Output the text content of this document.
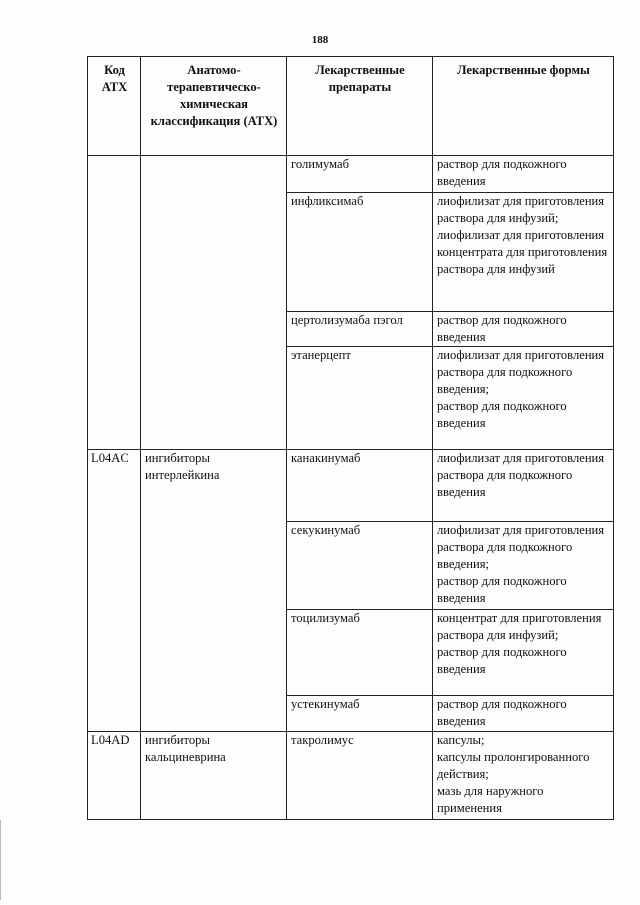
188
Код АТХ	Анатомо-терапевтическо-химическая классификация (АТХ)	Лекарственные препараты	Лекарственные формы
		голимумаб	раствор для подкожного введения

		инфликсимаб	лиофилизат для приготовления раствора для инфузий;
лиофилизат для приготовления концентрата для приготовления раствора для инфузий

		цертолизумаба пэгол	раствор для подкожного введения

		этанерцепт	лиофилизат для приготовления раствора для подкожного введения;
раствор для подкожного введения

L04AC	ингибиторы интерлейкина	канакинумаб	лиофилизат для приготовления раствора для подкожного введения

		секукинумаб	лиофилизат для приготовления раствора для подкожного введения;
раствор для подкожного введения

		тоцилизумаб	концентрат для приготовления раствора для инфузий;
раствор для подкожного введения

		устекинумаб	раствор для подкожного введения

L04AD	ингибиторы кальциневрина	такролимус	капсулы;
капсулы пролонгированного действия;
мазь для наружного применения
